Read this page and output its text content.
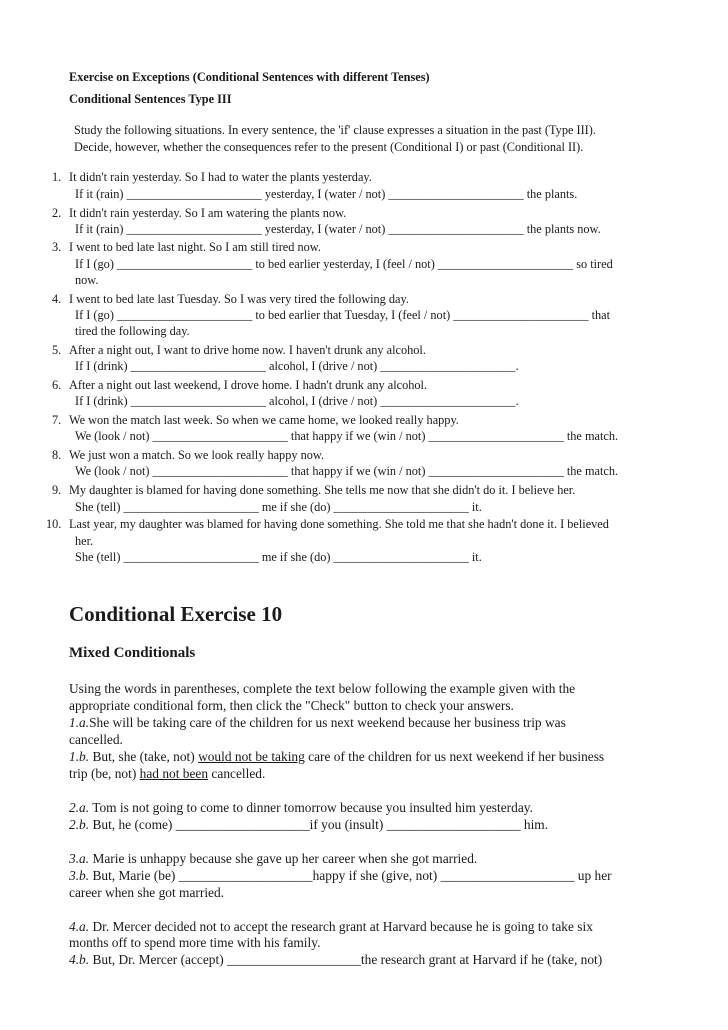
Exercise on Exceptions (Conditional Sentences with different Tenses)
Conditional Sentences Type III
Study the following situations. In every sentence, the 'if' clause expresses a situation in the past (Type III).
Decide, however, whether the consequences refer to the present (Conditional I) or past (Conditional II).
1. It didn't rain yesterday. So I had to water the plants yesterday.
If it (rain) ______________________ yesterday, I (water / not) ______________________ the plants.
2. It didn't rain yesterday. So I am watering the plants now.
If it (rain) ______________________ yesterday, I (water / not) ______________________ the plants now.
3. I went to bed late last night. So I am still tired now.
If I (go) ______________________ to bed earlier yesterday, I (feel / not) ______________________ so tired
now.
4. I went to bed late last Tuesday. So I was very tired the following day.
If I (go) ______________________ to bed earlier that Tuesday, I (feel / not) ______________________ that
tired the following day.
5. After a night out, I want to drive home now. I haven't drunk any alcohol.
If I (drink) ______________________ alcohol, I (drive / not) ______________________.
6. After a night out last weekend, I drove home. I hadn't drunk any alcohol.
If I (drink) ______________________ alcohol, I (drive / not) ______________________.
7. We won the match last week. So when we came home, we looked really happy.
We (look / not) ______________________ that happy if we (win / not) ______________________ the match.
8. We just won a match. So we look really happy now.
We (look / not) ______________________ that happy if we (win / not) ______________________ the match.
9. My daughter is blamed for having done something. She tells me now that she didn't do it. I believe her.
She (tell) ______________________ me if she (do) ______________________ it.
10. Last year, my daughter was blamed for having done something. She told me that she hadn't done it. I believed
her.
She (tell) ______________________ me if she (do) ______________________ it.
Conditional Exercise 10
Mixed Conditionals
Using the words in parentheses, complete the text below following the example given with the
appropriate conditional form, then click the "Check" button to check your answers.
1.a.She will be taking care of the children for us next weekend because her business trip was
cancelled.
1.b. But, she (take, not) would not be taking care of the children for us next weekend if her business
trip (be, not) had not been cancelled.
2.a. Tom is not going to come to dinner tomorrow because you insulted him yesterday.
2.b. But, he (come) ____________________if you (insult) ____________________ him.
3.a. Marie is unhappy because she gave up her career when she got married.
3.b. But, Marie (be) ____________________happy if she (give, not) ____________________ up her
career when she got married.
4.a. Dr. Mercer decided not to accept the research grant at Harvard because he is going to take six
months off to spend more time with his family.
4.b. But, Dr. Mercer (accept) ____________________the research grant at Harvard if he (take, not)
